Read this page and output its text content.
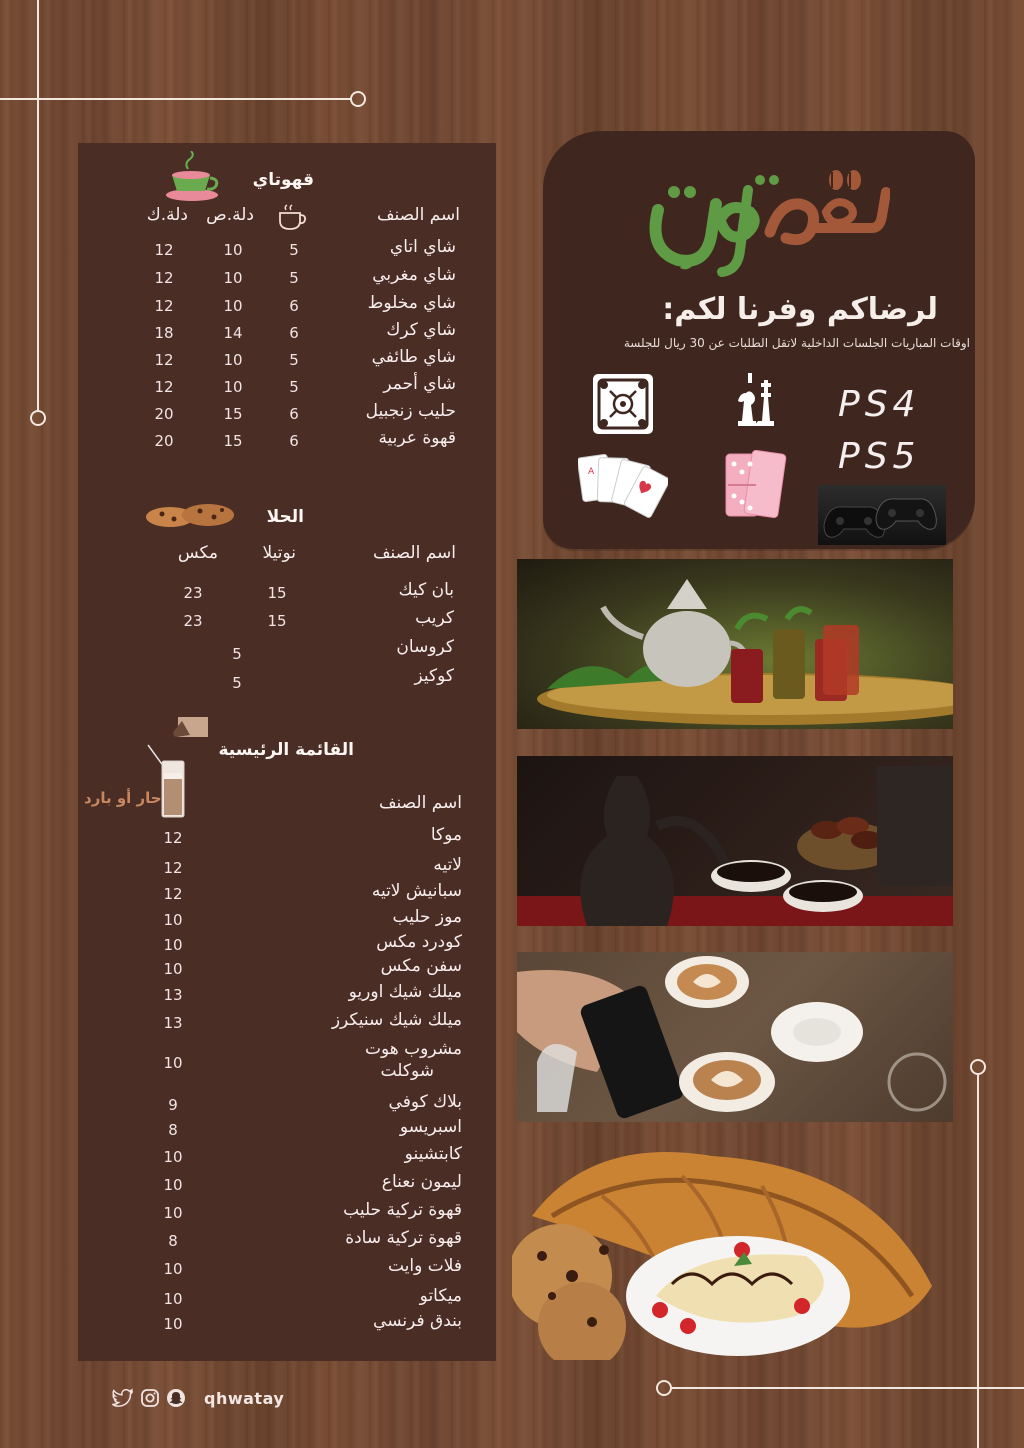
قهوتاي
اسم الصنف
دلة.ص
دلة.ك
شاي اتاي
5
10
12
شاي مغربي
5
10
12
شاي مخلوط
6
10
12
شاي كرك
6
14
18
شاي طائفي
5
10
12
شاي أحمر
5
10
12
حليب زنجبيل
6
15
20
قهوة عربية
6
15
20
الحلا
اسم الصنف
نوتيلا
مكس
بان كيك
15
23
كريب
15
23
كروسان
5
كوكيز
5
القائمة الرئيسية
حار أو بارد	اسم الصنف
موكا
12
لاتيه
12
سبانيش لاتيه
12
موز حليب
10
كودرد مكس
10
سفن مكس
10
ميلك شيك اوريو
13
ميلك شيك سنيكرز
13
مشروب هوت
شوكلت
10
بلاك كوفي
9
اسبريسو
8
كابتشينو
10
ليمون نعناع
10
قهوة تركية حليب
10
قهوة تركية سادة
8
فلات وايت
10
ميكاتو
10
بندق فرنسي
10
qhwatay
لرضاكم وفرنا لكم:
اوقات المباريات الجلسات الداخلية لاتقل الطلبات عن 30 ريال للجلسة
PS4
PS5
A
